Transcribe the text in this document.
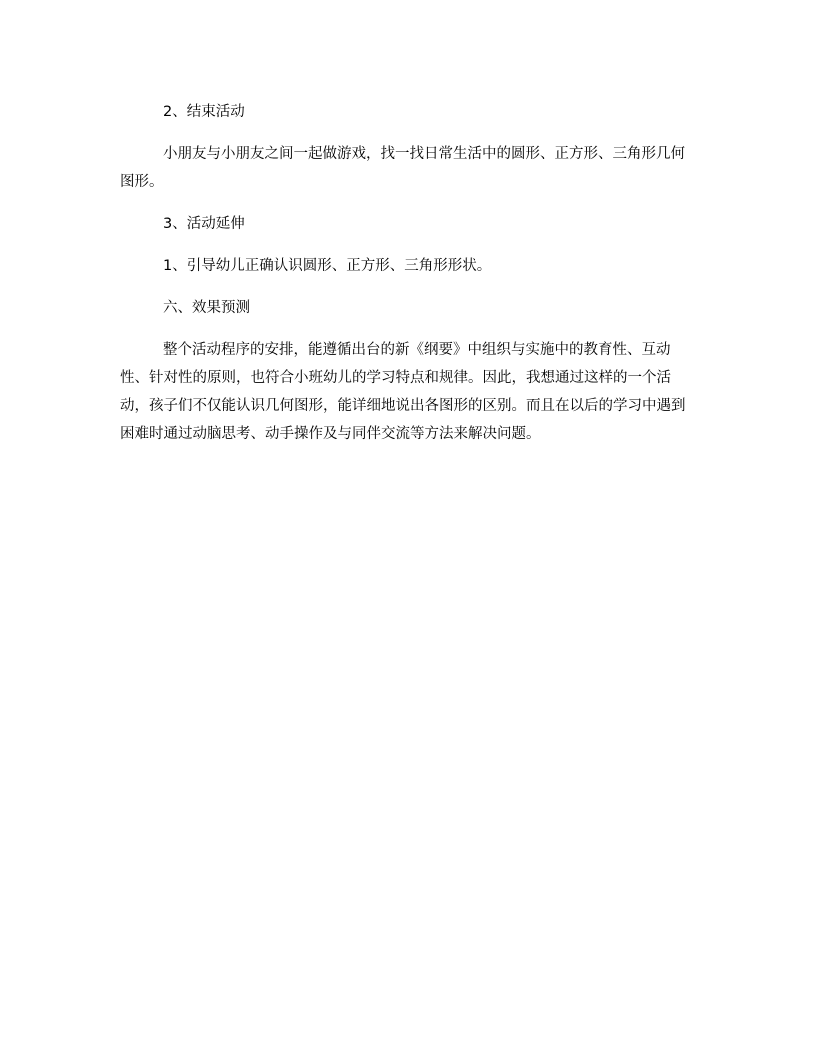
2、结束活动

小朋友与小朋友之间一起做游戏，找一找日常生活中的圆形、正方形、三角形几何图形。

3、活动延伸

1、引导幼儿正确认识圆形、正方形、三角形形状。

六、效果预测

整个活动程序的安排，能遵循出台的新《纲要》中组织与实施中的教育性、互动性、针对性的原则，也符合小班幼儿的学习特点和规律。因此，我想通过这样的一个活动，孩子们不仅能认识几何图形，能详细地说出各图形的区别。而且在以后的学习中遇到困难时通过动脑思考、动手操作及与同伴交流等方法来解决问题。
